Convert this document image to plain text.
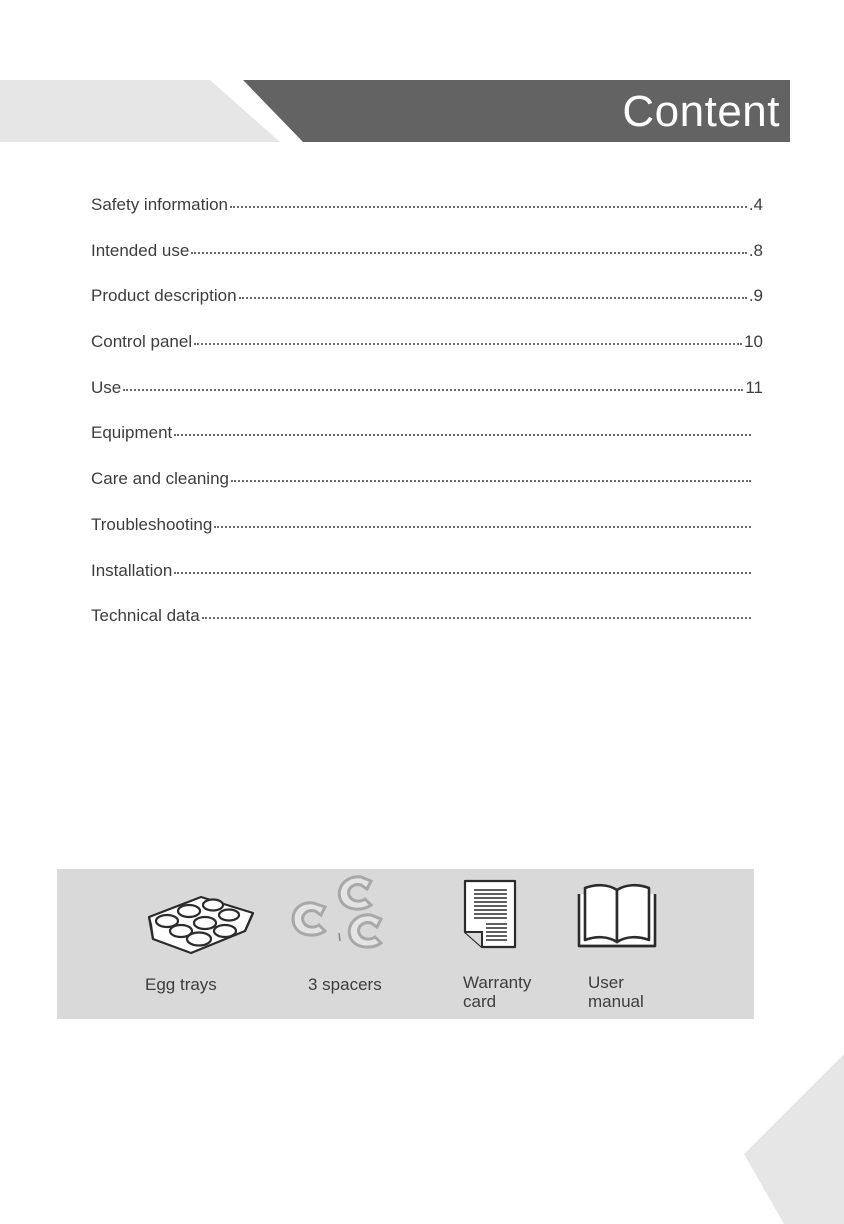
Content
Safety information	.4
Intended use	.8
Product description	.9
Control panel	10
Use	11
Equipment
Care and cleaning
Troubleshooting
Installation
Technical data
Egg trays	3 spacers	Warranty
card
User
manual
